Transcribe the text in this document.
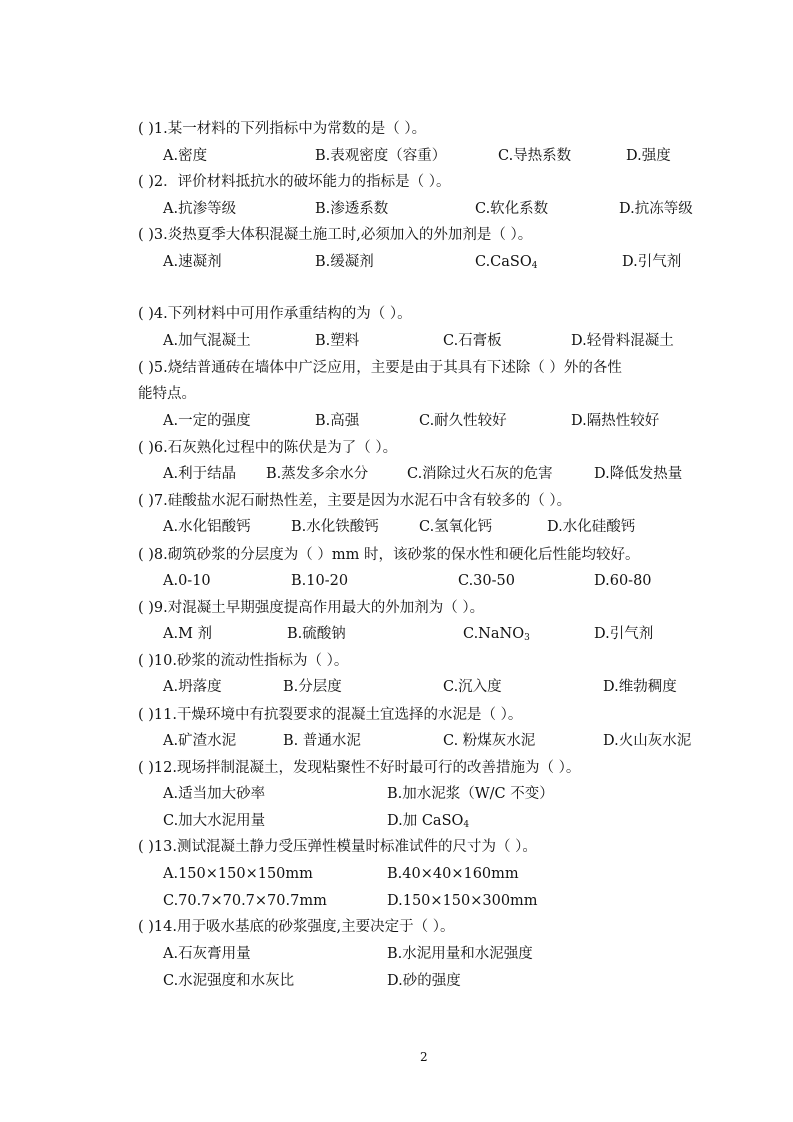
( )1.某一材料的下列指标中为常数的是（ ）。
A.密度	B.表观密度（容重）	C.导热系数	D.强度
( )2．评价材料抵抗水的破坏能力的指标是（ ）。
A.抗渗等级	B.渗透系数	C.软化系数	D.抗冻等级
( )3.炎热夏季大体积混凝土施工时,必须加入的外加剂是（ ）。
A.速凝剂	B.缓凝剂	C.CaSO$_4$	D.引气剂
( )4.下列材料中可用作承重结构的为（ ）。
A.加气混凝土	B.塑料	C.石膏板	D.轻骨料混凝土
( )5.烧结普通砖在墙体中广泛应用，主要是由于其具有下述除（ ）外的各性
能特点。
A.一定的强度	B.高强	C.耐久性较好	D.隔热性较好
( )6.石灰熟化过程中的陈伏是为了（ ）。
A.利于结晶 B.蒸发多余水分	C.消除过火石灰的危害	D.降低发热量
( )7.硅酸盐水泥石耐热性差，主要是因为水泥石中含有较多的（ ）。
A.水化铝酸钙	B.水化铁酸钙	C.氢氧化钙	D.水化硅酸钙
( )8.砌筑砂浆的分层度为（ ）mm 时，该砂浆的保水性和硬化后性能均较好。
A.0-10	B.10-20	C.30-50	D.60-80
( )9.对混凝土早期强度提高作用最大的外加剂为（ ）。
A.M 剂	B.硫酸钠	C.NaNO$_3$	D.引气剂
( )10.砂浆的流动性指标为（ ）。
A.坍落度	B.分层度	C.沉入度	D.维勃稠度
( )11.干燥环境中有抗裂要求的混凝土宜选择的水泥是（ ）。
A.矿渣水泥	B. 普通水泥	C. 粉煤灰水泥	D.火山灰水泥
( )12.现场拌制混凝土，发现粘聚性不好时最可行的改善措施为（ ）。
A.适当加大砂率	B.加水泥浆（W/C 不变）
C.加大水泥用量	D.加 CaSO$_4$
( )13.测试混凝土静力受压弹性模量时标准试件的尺寸为（ ）。
A.150×150×150mm	B.40×40×160mm
C.70.7×70.7×70.7mm	D.150×150×300mm
( )14.用于吸水基底的砂浆强度,主要决定于（ ）。
A.石灰膏用量	B.水泥用量和水泥强度
C.水泥强度和水灰比	D.砂的强度
2
